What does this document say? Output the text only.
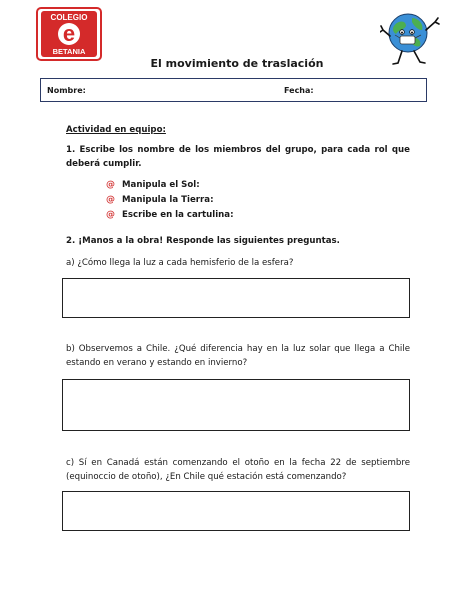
COLEGIO
e
BETANIA
El movimiento de traslación
Nombre:	Fecha:
Actividad en equipo:
1. Escribe los nombre de los miembros del grupo, para cada rol que deberá cumplir.
@ Manipula el Sol:
@ Manipula la Tierra:
@ Escribe en la cartulina:
2. ¡Manos a la obra! Responde las siguientes preguntas.
a) ¿Cómo llega la luz a cada hemisferio de la esfera?
b) Observemos a Chile. ¿Qué diferencia hay en la luz solar que llega a Chile estando en verano y estando en invierno?
c) Sí en Canadá están comenzando el otoño en la fecha 22 de septiembre (equinoccio de otoño), ¿En Chile qué estación está comenzando?
